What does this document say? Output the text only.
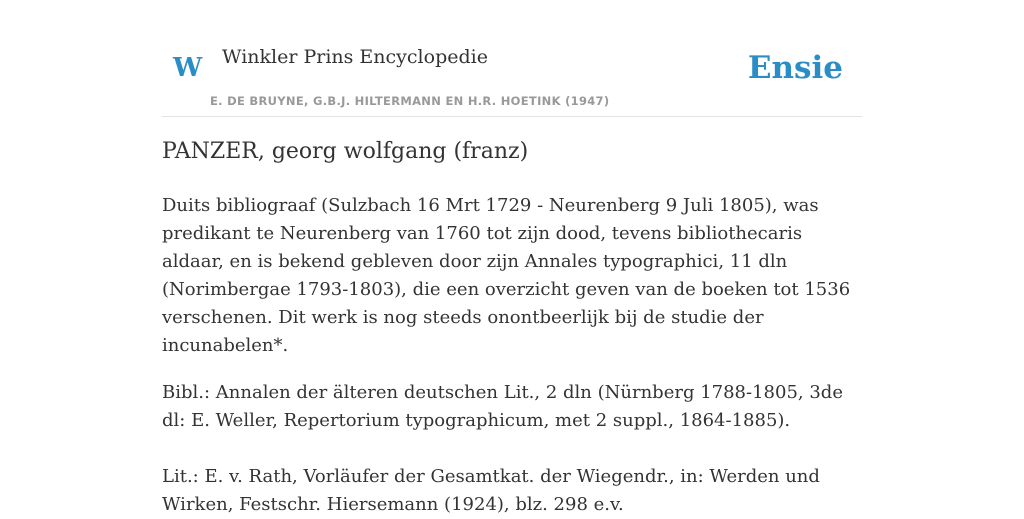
W Winkler Prins Encyclopedie
E. DE BRUYNE, G.B.J. HILTERMANN EN H.R. HOETINK (1947)
Ensie
PANZER, georg wolfgang (franz)

Duits bibliograaf (Sulzbach 16 Mrt 1729 - Neurenberg 9 Juli 1805), was predikant te Neurenberg van 1760 tot zijn dood, tevens bibliothecaris aldaar, en is bekend gebleven door zijn Annales typographici, 11 dln (Norimbergae 1793-1803), die een overzicht geven van de boeken tot 1536 verschenen. Dit werk is nog steeds onontbeerlijk bij de studie der incunabelen*.

Bibl.: Annalen der älteren deutschen Lit., 2 dln (Nürnberg 1788-1805, 3de dl: E. Weller, Repertorium typographicum, met 2 suppl., 1864-1885).

Lit.: E. v. Rath, Vorläufer der Gesamtkat. der Wiegendr., in: Werden und Wirken, Festschr. Hiersemann (1924), blz. 298 e.v.
